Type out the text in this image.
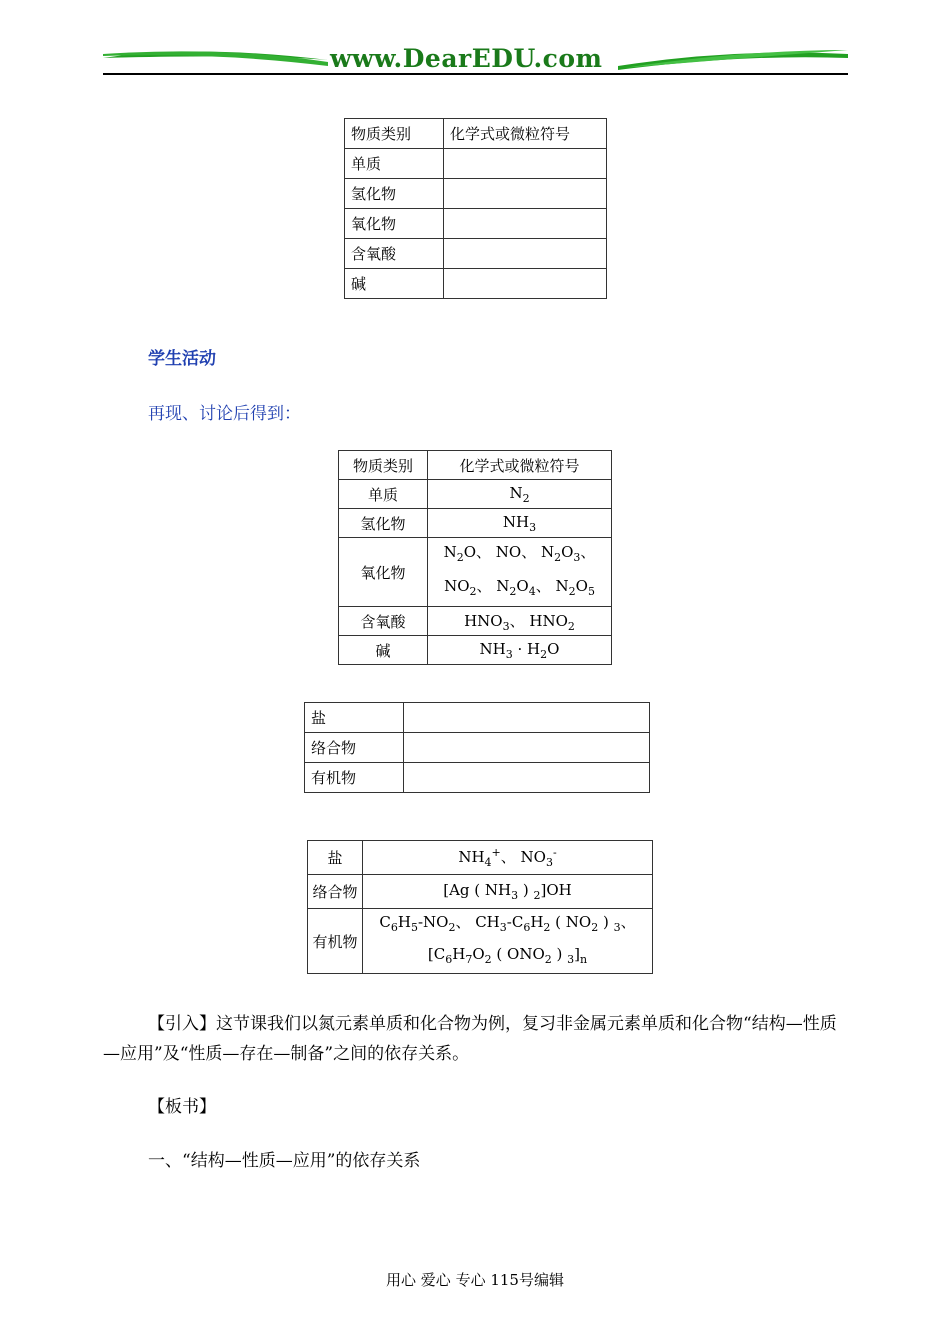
www.DearEDU.com
物质类别	化学式或微粒符号
单质	
氢化物	
氧化物	
含氧酸	
碱	
学生活动
再现、讨论后得到：
物质类别	化学式或微粒符号
单质	$N_2$
氢化物	$NH_3$
氧化物	$N_2O$、 NO、 $N_2O_3$、
$NO_2$、 $N_2O_4$、 $N_2O_5$
含氧酸	$HNO_3$、 $HNO_2$
碱	$NH_3 \cdot H_2O$
盐	
络合物	
有机物	
盐	$NH_4^+$、 $NO_3^-$
络合物	[Ag ( $NH_3$ ) $_2$]OH
有机物	$C_6H_5-NO_2$、 $CH_3-C_6H_2$ ( $NO_2$ ) $_3$、
[$C_6H_7O_2$ ( $ONO_2$ ) $_3]_n$
【引入】这节课我们以氮元素单质和化合物为例，复习非金属元素单质和化合物“结构—性质—应用”及“性质—存在—制备”之间的依存关系。
【板书】
一、“结构—性质—应用”的依存关系
用心 爱心 专心 115号编辑
